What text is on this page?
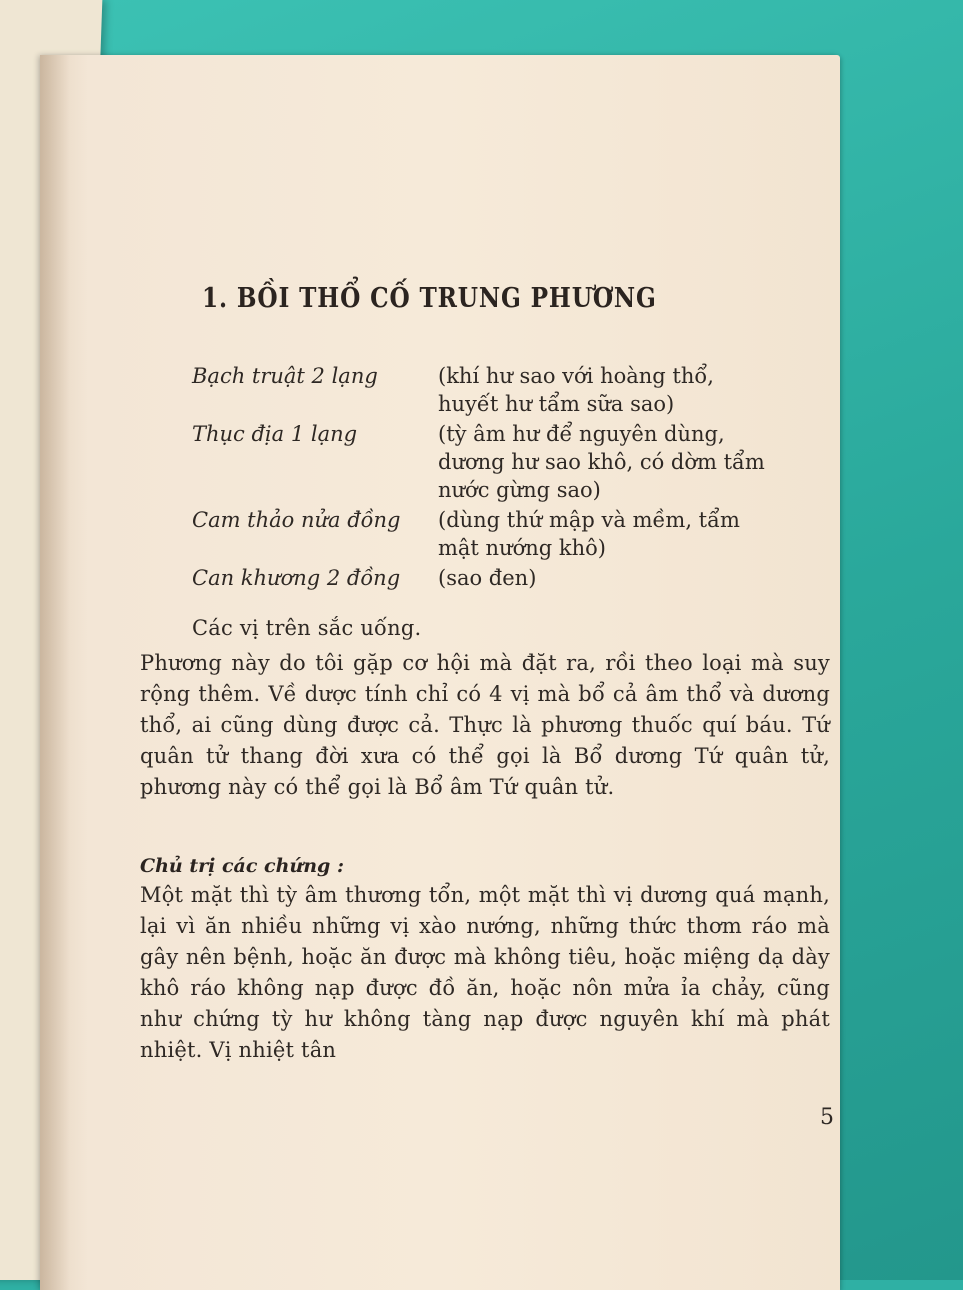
1. BỒI THỔ CỐ TRUNG PHƯƠNG
Bạch truật 2 lạng	(khí hư sao với hoàng thổ, huyết hư tẩm sữa sao)
Thục địa 1 lạng	(tỳ âm hư để nguyên dùng, dương hư sao khô, có dờm tẩm nước gừng sao)
Cam thảo nửa đồng	(dùng thứ mập và mềm, tẩm mật nướng khô)
Can khương 2 đồng	(sao đen)

Các vị trên sắc uống.

Phương này do tôi gặp cơ hội mà đặt ra, rồi theo loại mà suy rộng thêm. Về dược tính chỉ có 4 vị mà bổ cả âm thổ và dương thổ, ai cũng dùng được cả. Thực là phương thuốc quí báu. Tứ quân tử thang đời xưa có thể gọi là Bổ dương Tứ quân tử, phương này có thể gọi là Bổ âm Tứ quân tử.

Chủ trị các chứng :

Một mặt thì tỳ âm thương tổn, một mặt thì vị dương quá mạnh, lại vì ăn nhiều những vị xào nướng, những thức thơm ráo mà gây nên bệnh, hoặc ăn được mà không tiêu, hoặc miệng dạ dày khô ráo không nạp được đồ ăn, hoặc nôn mửa ỉa chảy, cũng như chứng tỳ hư không tàng nạp được nguyên khí mà phát nhiệt. Vị nhiệt tân

5
